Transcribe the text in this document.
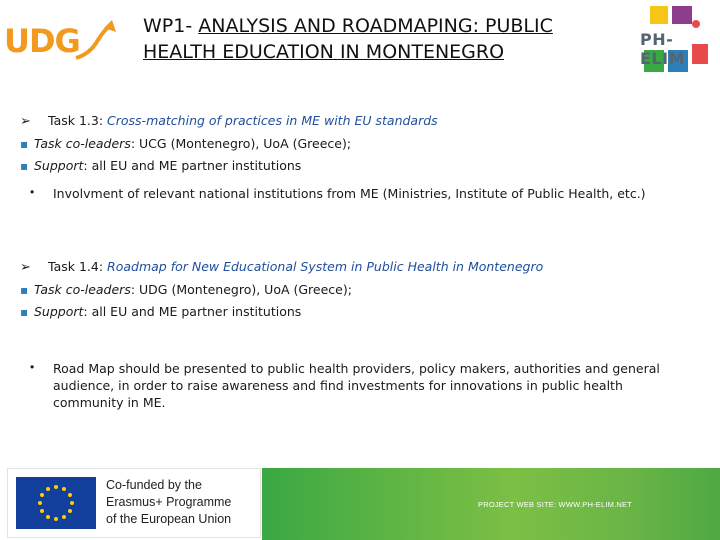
UDG	WP1- ANALYSIS AND ROADMAPING: PUBLIC
HEALTH EDUCATION IN MONTENEGRO
PH-ELIM
➢ Task 1.3: Cross-matching of practices in ME with EU standards
▪ Task co-leaders: UCG (Montenegro), UoA (Greece);
▪ Support: all EU and ME partner institutions
• Involvment of relevant national institutions from ME (Ministries, Institute of Public Health, etc.)
➢ Task 1.4: Roadmap for New Educational System in Public Health in Montenegro
▪ Task co-leaders: UDG (Montenegro), UoA (Greece);
▪ Support: all EU and ME partner institutions
• Road Map should be presented to public health providers, policy makers, authorities and general audience, in order to raise awareness and find investments for innovations in public health community in ME.
Co-funded by the
Erasmus+ Programme
of the European Union
PROJECT WEB SITE: WWW.PH-ELIM.NET
